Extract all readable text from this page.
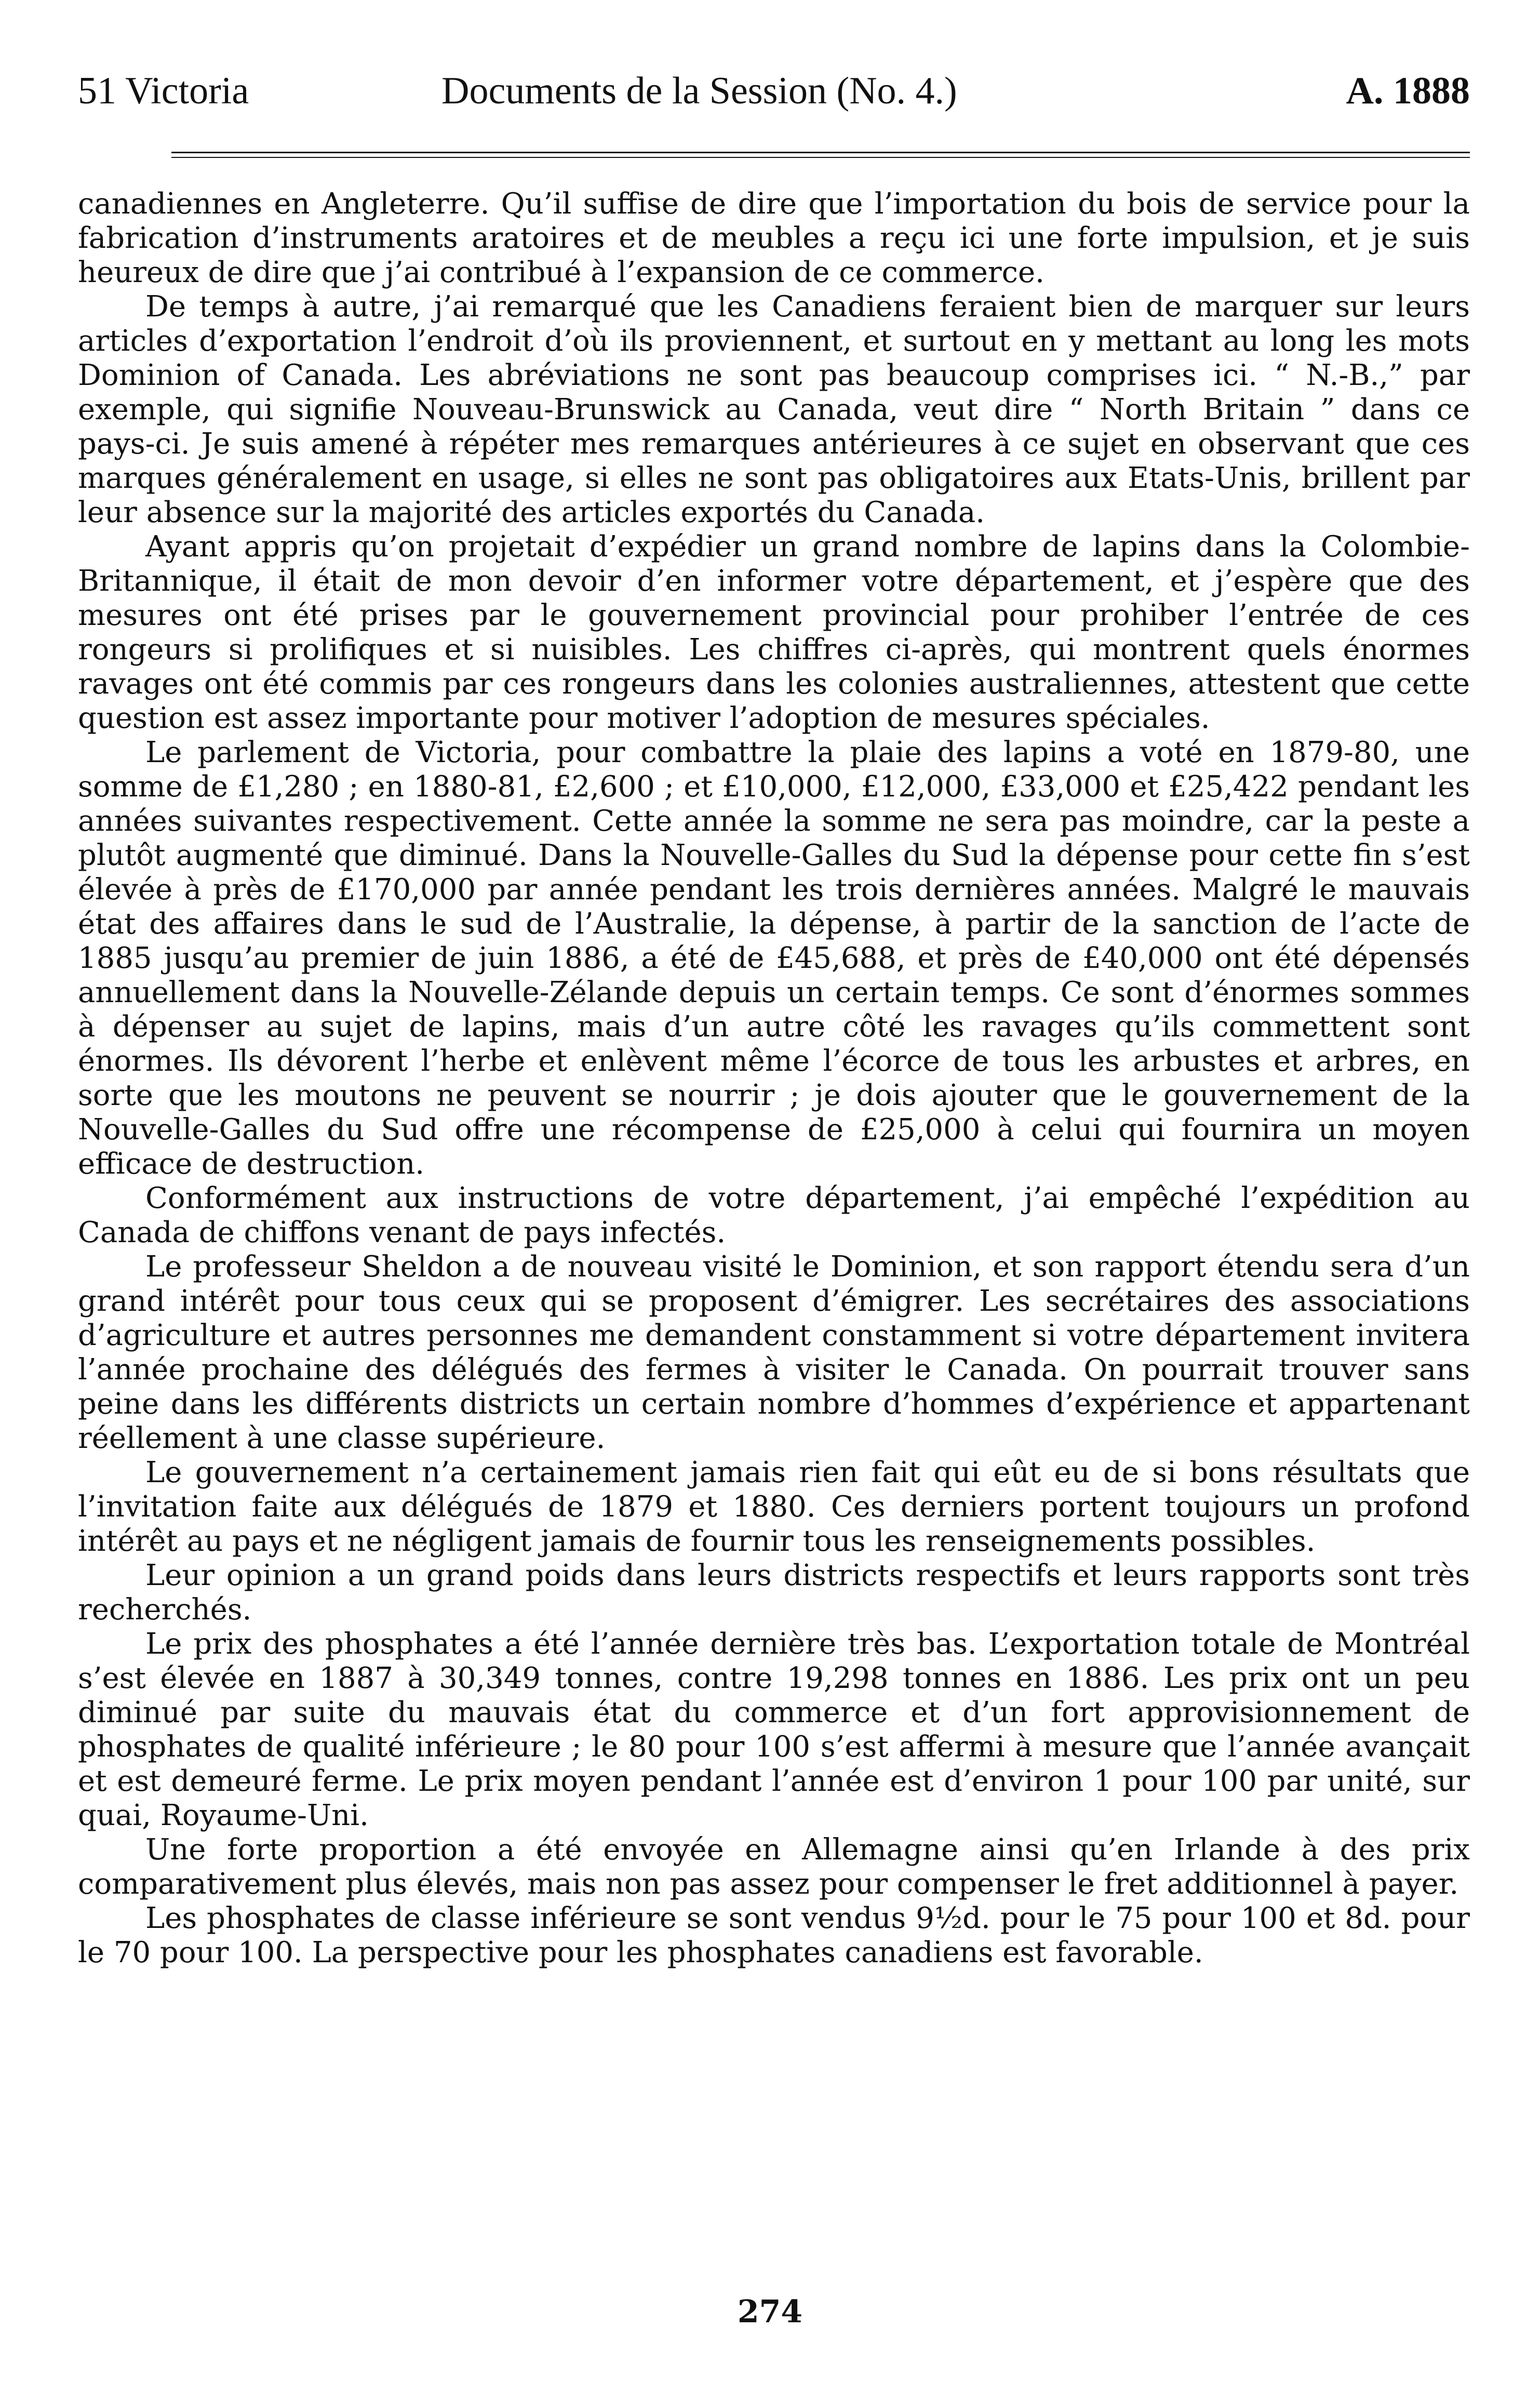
51 Victoria	Documents de la Session (No. 4.)	A. 1888

canadiennes en Angleterre. Qu’il suffise de dire que l’importation du bois de service pour la fabrication d’instruments aratoires et de meubles a reçu ici une forte impulsion, et je suis heureux de dire que j’ai contribué à l’expansion de ce commerce.

De temps à autre, j’ai remarqué que les Canadiens feraient bien de marquer sur leurs articles d’exportation l’endroit d’où ils proviennent, et surtout en y mettant au long les mots Dominion of Canada. Les abréviations ne sont pas beaucoup comprises ici. “ N.-B.,” par exemple, qui signifie Nouveau-Brunswick au Canada, veut dire “ North Britain ” dans ce pays-ci. Je suis amené à répéter mes remarques antérieures à ce sujet en observant que ces marques généralement en usage, si elles ne sont pas obligatoires aux Etats-Unis, brillent par leur absence sur la majorité des articles exportés du Canada.

Ayant appris qu’on projetait d’expédier un grand nombre de lapins dans la Colombie-Britannique, il était de mon devoir d’en informer votre département, et j’espère que des mesures ont été prises par le gouvernement provincial pour prohiber l’entrée de ces rongeurs si prolifiques et si nuisibles. Les chiffres ci-après, qui montrent quels énormes ravages ont été commis par ces rongeurs dans les colonies australiennes, attestent que cette question est assez importante pour motiver l’adoption de mesures spéciales.

Le parlement de Victoria, pour combattre la plaie des lapins a voté en 1879-80, une somme de £1,280 ; en 1880-81, £2,600 ; et £10,000, £12,000, £33,000 et £25,422 pendant les années suivantes respectivement. Cette année la somme ne sera pas moindre, car la peste a plutôt augmenté que diminué. Dans la Nouvelle-Galles du Sud la dépense pour cette fin s’est élevée à près de £170,000 par année pendant les trois dernières années. Malgré le mauvais état des affaires dans le sud de l’Australie, la dépense, à partir de la sanction de l’acte de 1885 jusqu’au premier de juin 1886, a été de £45,688, et près de £40,000 ont été dépensés annuellement dans la Nouvelle-Zélande depuis un certain temps. Ce sont d’énormes sommes à dépenser au sujet de lapins, mais d’un autre côté les ravages qu’ils commettent sont énormes. Ils dévorent l’herbe et enlèvent même l’écorce de tous les arbustes et arbres, en sorte que les moutons ne peuvent se nourrir ; je dois ajouter que le gouvernement de la Nouvelle-Galles du Sud offre une récompense de £25,000 à celui qui fournira un moyen efficace de destruction.

Conformément aux instructions de votre département, j’ai empêché l’expédition au Canada de chiffons venant de pays infectés.

Le professeur Sheldon a de nouveau visité le Dominion, et son rapport étendu sera d’un grand intérêt pour tous ceux qui se proposent d’émigrer. Les secrétaires des associations d’agriculture et autres personnes me demandent constamment si votre département invitera l’année prochaine des délégués des fermes à visiter le Canada. On pourrait trouver sans peine dans les différents districts un certain nombre d’hommes d’expérience et appartenant réellement à une classe supérieure.

Le gouvernement n’a certainement jamais rien fait qui eût eu de si bons résultats que l’invitation faite aux délégués de 1879 et 1880. Ces derniers portent toujours un profond intérêt au pays et ne négligent jamais de fournir tous les renseignements possibles.

Leur opinion a un grand poids dans leurs districts respectifs et leurs rapports sont très recherchés.

Le prix des phosphates a été l’année dernière très bas. L’exportation totale de Montréal s’est élevée en 1887 à 30,349 tonnes, contre 19,298 tonnes en 1886. Les prix ont un peu diminué par suite du mauvais état du commerce et d’un fort approvisionnement de phosphates de qualité inférieure ; le 80 pour 100 s’est affermi à mesure que l’année avançait et est demeuré ferme. Le prix moyen pendant l’année est d’environ 1 pour 100 par unité, sur quai, Royaume-Uni.

Une forte proportion a été envoyée en Allemagne ainsi qu’en Irlande à des prix comparativement plus élevés, mais non pas assez pour compenser le fret additionnel à payer.

Les phosphates de classe inférieure se sont vendus 9½d. pour le 75 pour 100 et 8d. pour le 70 pour 100. La perspective pour les phosphates canadiens est favorable.

274
